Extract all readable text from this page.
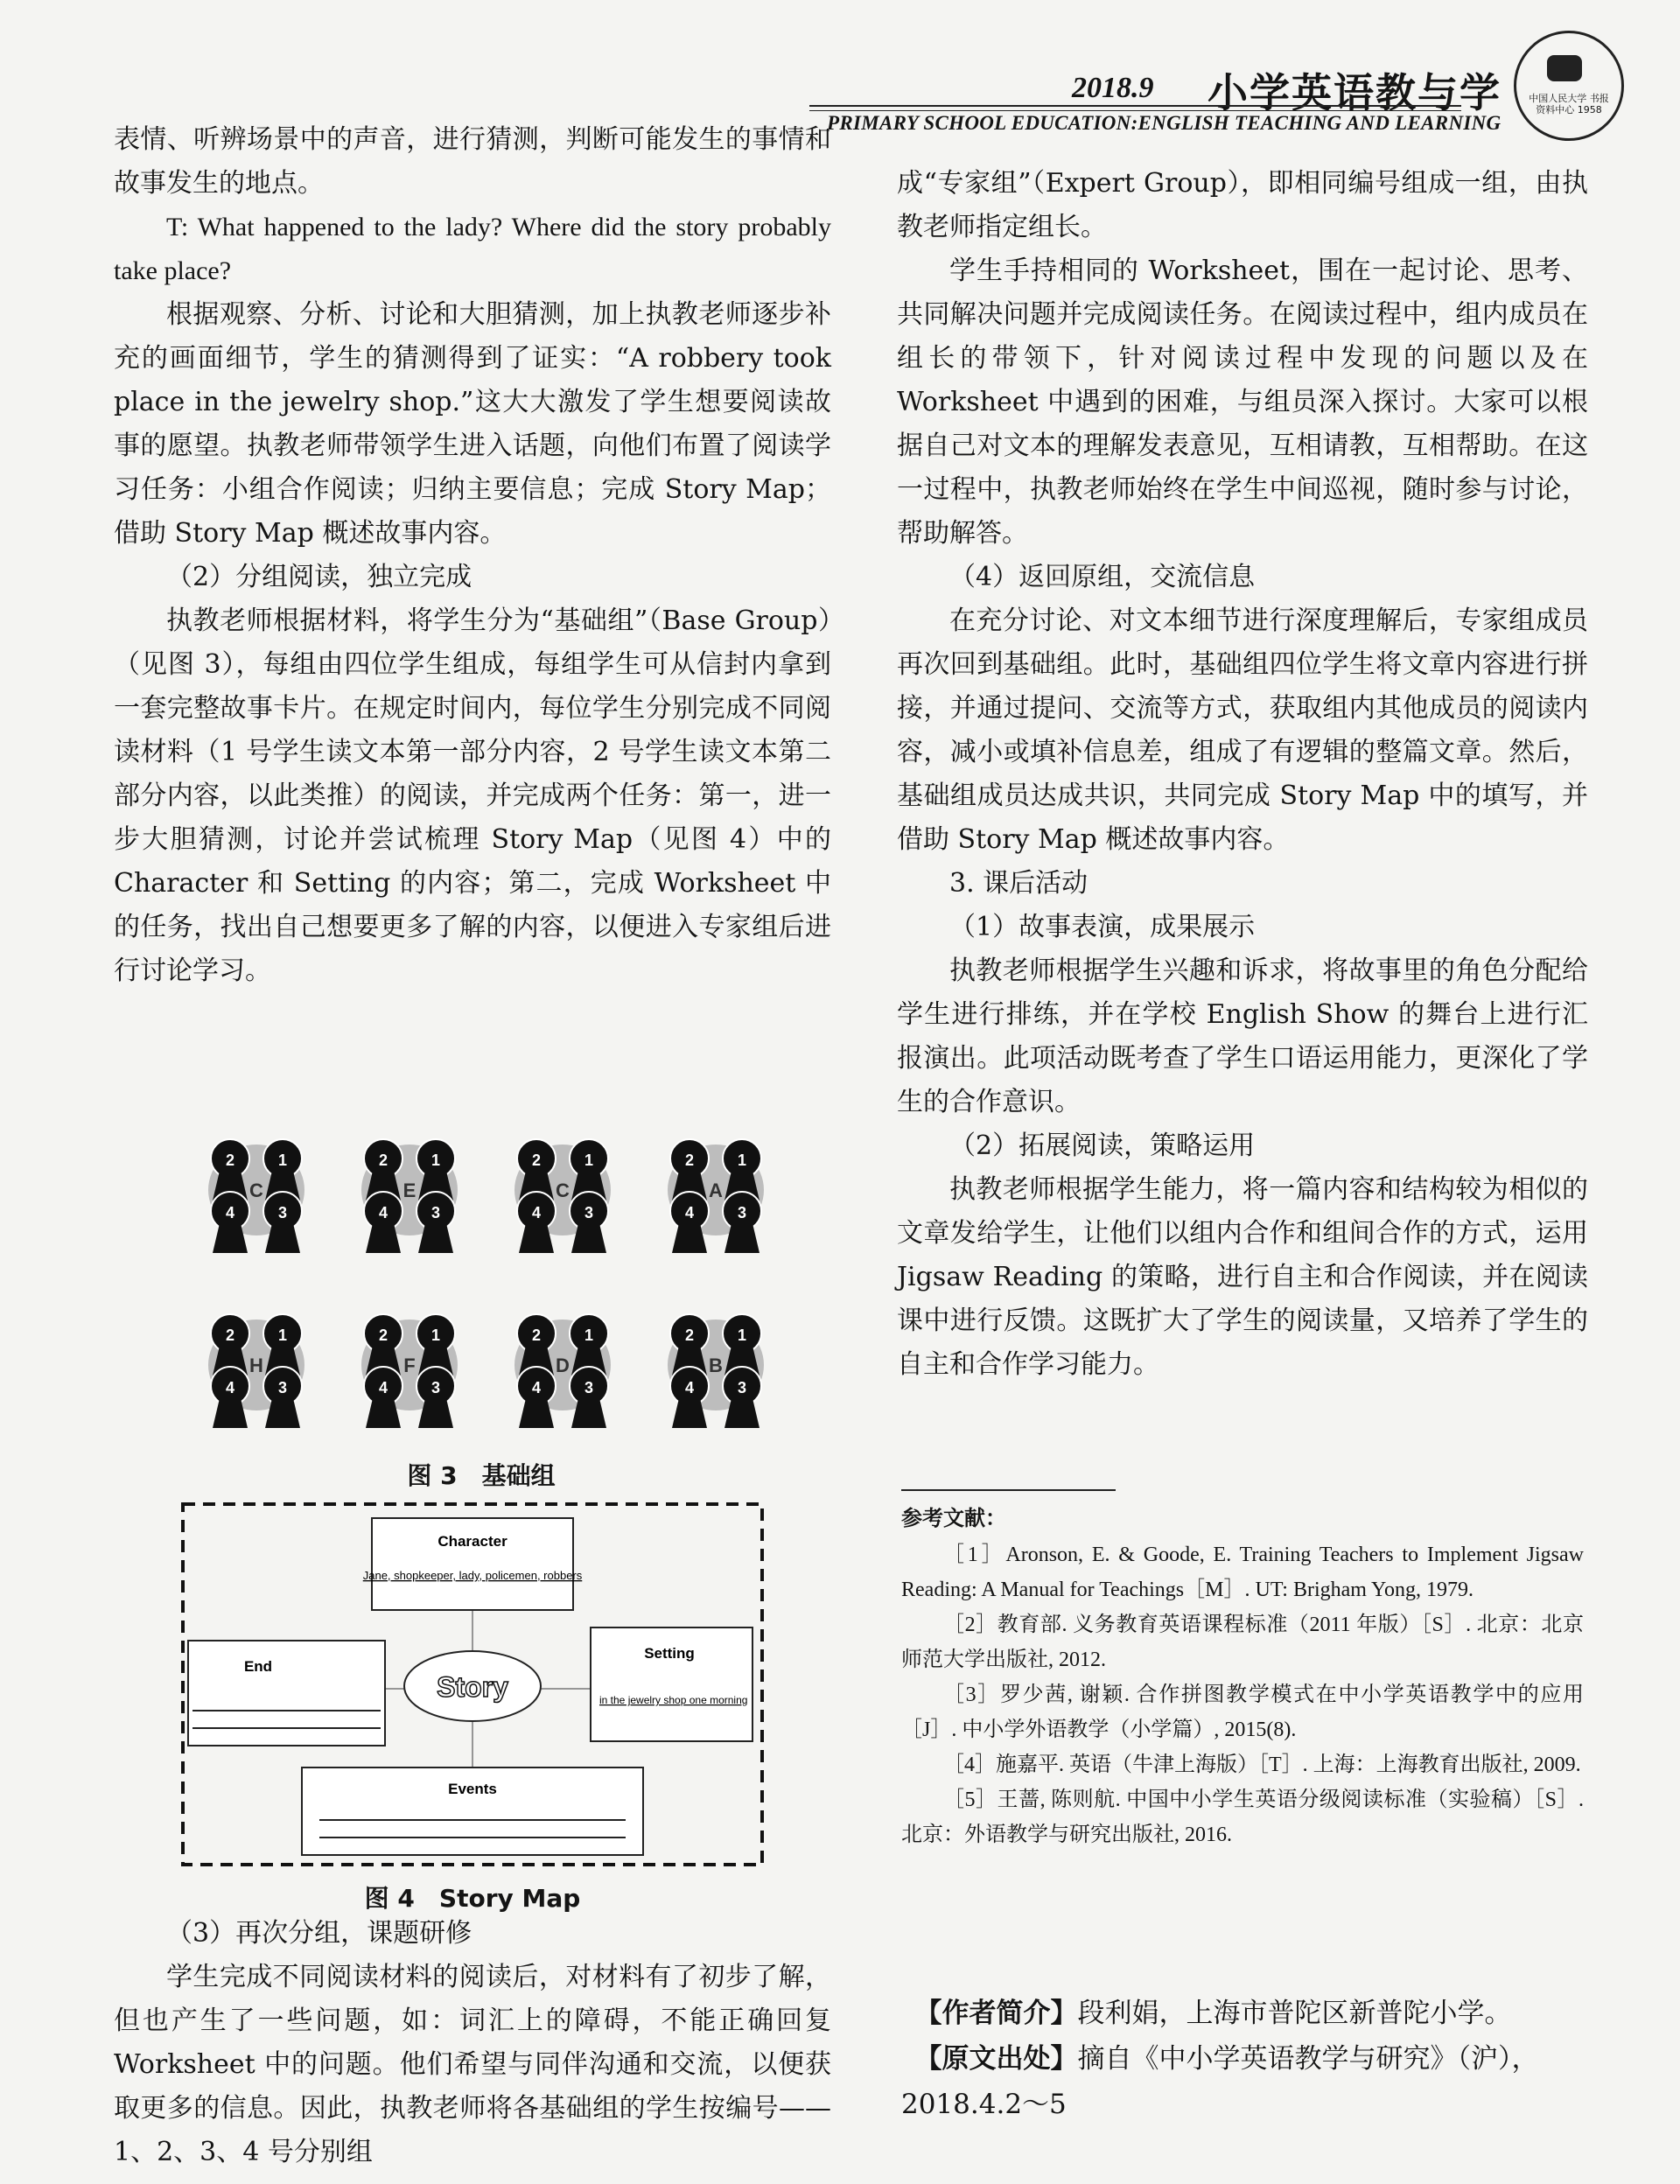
2018.9 小学英语教与学
PRIMARY SCHOOL EDUCATION:ENGLISH TEACHING AND LEARNING
中国人民大学 书报资料中心 1958

表情、听辨场景中的声音，进行猜测，判断可能发生的事情和故事发生的地点。

T: What happened to the lady? Where did the story probably take place?

根据观察、分析、讨论和大胆猜测，加上执教老师逐步补充的画面细节，学生的猜测得到了证实：“A robbery took place in the jewelry shop.”这大大激发了学生想要阅读故事的愿望。执教老师带领学生进入话题，向他们布置了阅读学习任务：小组合作阅读；归纳主要信息；完成 Story Map；借助 Story Map 概述故事内容。

（2）分组阅读，独立完成

执教老师根据材料，将学生分为“基础组”（Base Group）（见图 3），每组由四位学生组成，每组学生可从信封内拿到一套完整故事卡片。在规定时间内，每位学生分别完成不同阅读材料（1 号学生读文本第一部分内容，2 号学生读文本第二部分内容，以此类推）的阅读，并完成两个任务：第一，进一步大胆猜测，讨论并尝试梳理 Story Map（见图 4）中的 Character 和 Setting 的内容；第二，完成 Worksheet 中的任务，找出自己想要更多了解的内容，以便进入专家组后进行讨论学习。

2	1
4	3
C
2	1
4	3
E
2	1
4	3
C
2	1
4	3
A
2	1
4	3
H
2	1
4	3
F
2	1
4	3
D
2	1
4	3
B
图 3　基础组
Character
Jane, shopkeeper, lady, policemen, robbers
End
Story
Setting
in the jewelry shop one morning
Events
图 4　Story Map

（3）再次分组，课题研修

学生完成不同阅读材料的阅读后，对材料有了初步了解，但也产生了一些问题，如：词汇上的障碍，不能正确回复 Worksheet 中的问题。他们希望与同伴沟通和交流，以便获取更多的信息。因此，执教老师将各基础组的学生按编号——1、2、3、4 号分别组

成“专家组”（Expert Group），即相同编号组成一组，由执教老师指定组长。

学生手持相同的 Worksheet，围在一起讨论、思考、共同解决问题并完成阅读任务。在阅读过程中，组内成员在组长的带领下，针对阅读过程中发现的问题以及在 Worksheet 中遇到的困难，与组员深入探讨。大家可以根据自己对文本的理解发表意见，互相请教，互相帮助。在这一过程中，执教老师始终在学生中间巡视，随时参与讨论，帮助解答。

（4）返回原组，交流信息

在充分讨论、对文本细节进行深度理解后，专家组成员再次回到基础组。此时，基础组四位学生将文章内容进行拼接，并通过提问、交流等方式，获取组内其他成员的阅读内容，减小或填补信息差，组成了有逻辑的整篇文章。然后，基础组成员达成共识，共同完成 Story Map 中的填写，并借助 Story Map 概述故事内容。

3. 课后活动

（1）故事表演，成果展示

执教老师根据学生兴趣和诉求，将故事里的角色分配给学生进行排练，并在学校 English Show 的舞台上进行汇报演出。此项活动既考查了学生口语运用能力，更深化了学生的合作意识。

（2）拓展阅读，策略运用

执教老师根据学生能力，将一篇内容和结构较为相似的文章发给学生，让他们以组内合作和组间合作的方式，运用 Jigsaw Reading 的策略，进行自主和合作阅读，并在阅读课中进行反馈。这既扩大了学生的阅读量，又培养了学生的自主和合作学习能力。

参考文献：

［1］Aronson, E. & Goode, E. Training Teachers to Implement Jigsaw Reading: A Manual for Teachings［M］. UT: Brigham Yong, 1979.

［2］教育部. 义务教育英语课程标准（2011 年版）［S］. 北京：北京师范大学出版社, 2012.

［3］罗少茜, 谢颖. 合作拼图教学模式在中小学英语教学中的应用［J］. 中小学外语教学（小学篇）, 2015(8).

［4］施嘉平. 英语（牛津上海版）［T］. 上海：上海教育出版社, 2009.

［5］王蔷, 陈则航. 中国中小学生英语分级阅读标准（实验稿）［S］. 北京：外语教学与研究出版社, 2016.

【作者简介】段利娟，上海市普陀区新普陀小学。

【原文出处】摘自《中小学英语教学与研究》（沪），2018.4.2～5
